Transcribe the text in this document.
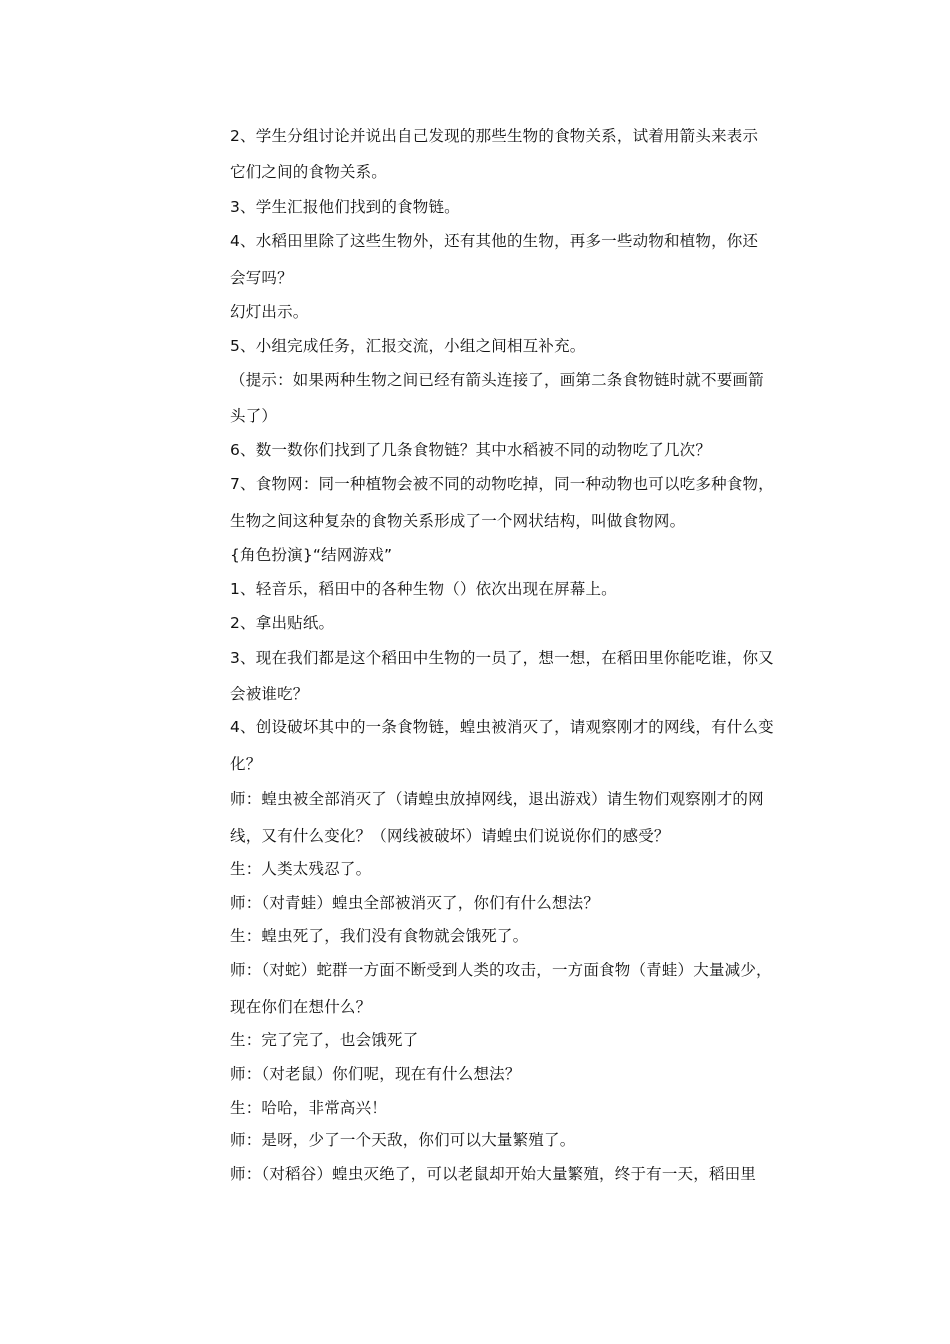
2、学生分组讨论并说出自己发现的那些生物的食物关系，试着用箭头来表示
它们之间的食物关系。
3、学生汇报他们找到的食物链。
4、水稻田里除了这些生物外，还有其他的生物，再多一些动物和植物，你还
会写吗？
幻灯出示。
5、小组完成任务，汇报交流，小组之间相互补充。
（提示：如果两种生物之间已经有箭头连接了，画第二条食物链时就不要画箭
头了）
6、数一数你们找到了几条食物链？其中水稻被不同的动物吃了几次？
7、食物网：同一种植物会被不同的动物吃掉，同一种动物也可以吃多种食物，
生物之间这种复杂的食物关系形成了一个网状结构，叫做食物网。
{角色扮演}“结网游戏”
1、轻音乐，稻田中的各种生物（）依次出现在屏幕上。
2、拿出贴纸。
3、现在我们都是这个稻田中生物的一员了，想一想，在稻田里你能吃谁，你又
会被谁吃？
4、创设破坏其中的一条食物链，蝗虫被消灭了，请观察刚才的网线，有什么变
化？
师：蝗虫被全部消灭了（请蝗虫放掉网线，退出游戏）请生物们观察刚才的网
线，又有什么变化？（网线被破坏）请蝗虫们说说你们的感受？
生：人类太残忍了。
师：（对青蛙）蝗虫全部被消灭了，你们有什么想法？
生：蝗虫死了，我们没有食物就会饿死了。
师：（对蛇）蛇群一方面不断受到人类的攻击，一方面食物（青蛙）大量减少，
现在你们在想什么？
生：完了完了，也会饿死了
师：（对老鼠）你们呢，现在有什么想法？
生：哈哈，非常高兴！
师：是呀，少了一个天敌，你们可以大量繁殖了。
师：（对稻谷）蝗虫灭绝了，可以老鼠却开始大量繁殖，终于有一天，稻田里
